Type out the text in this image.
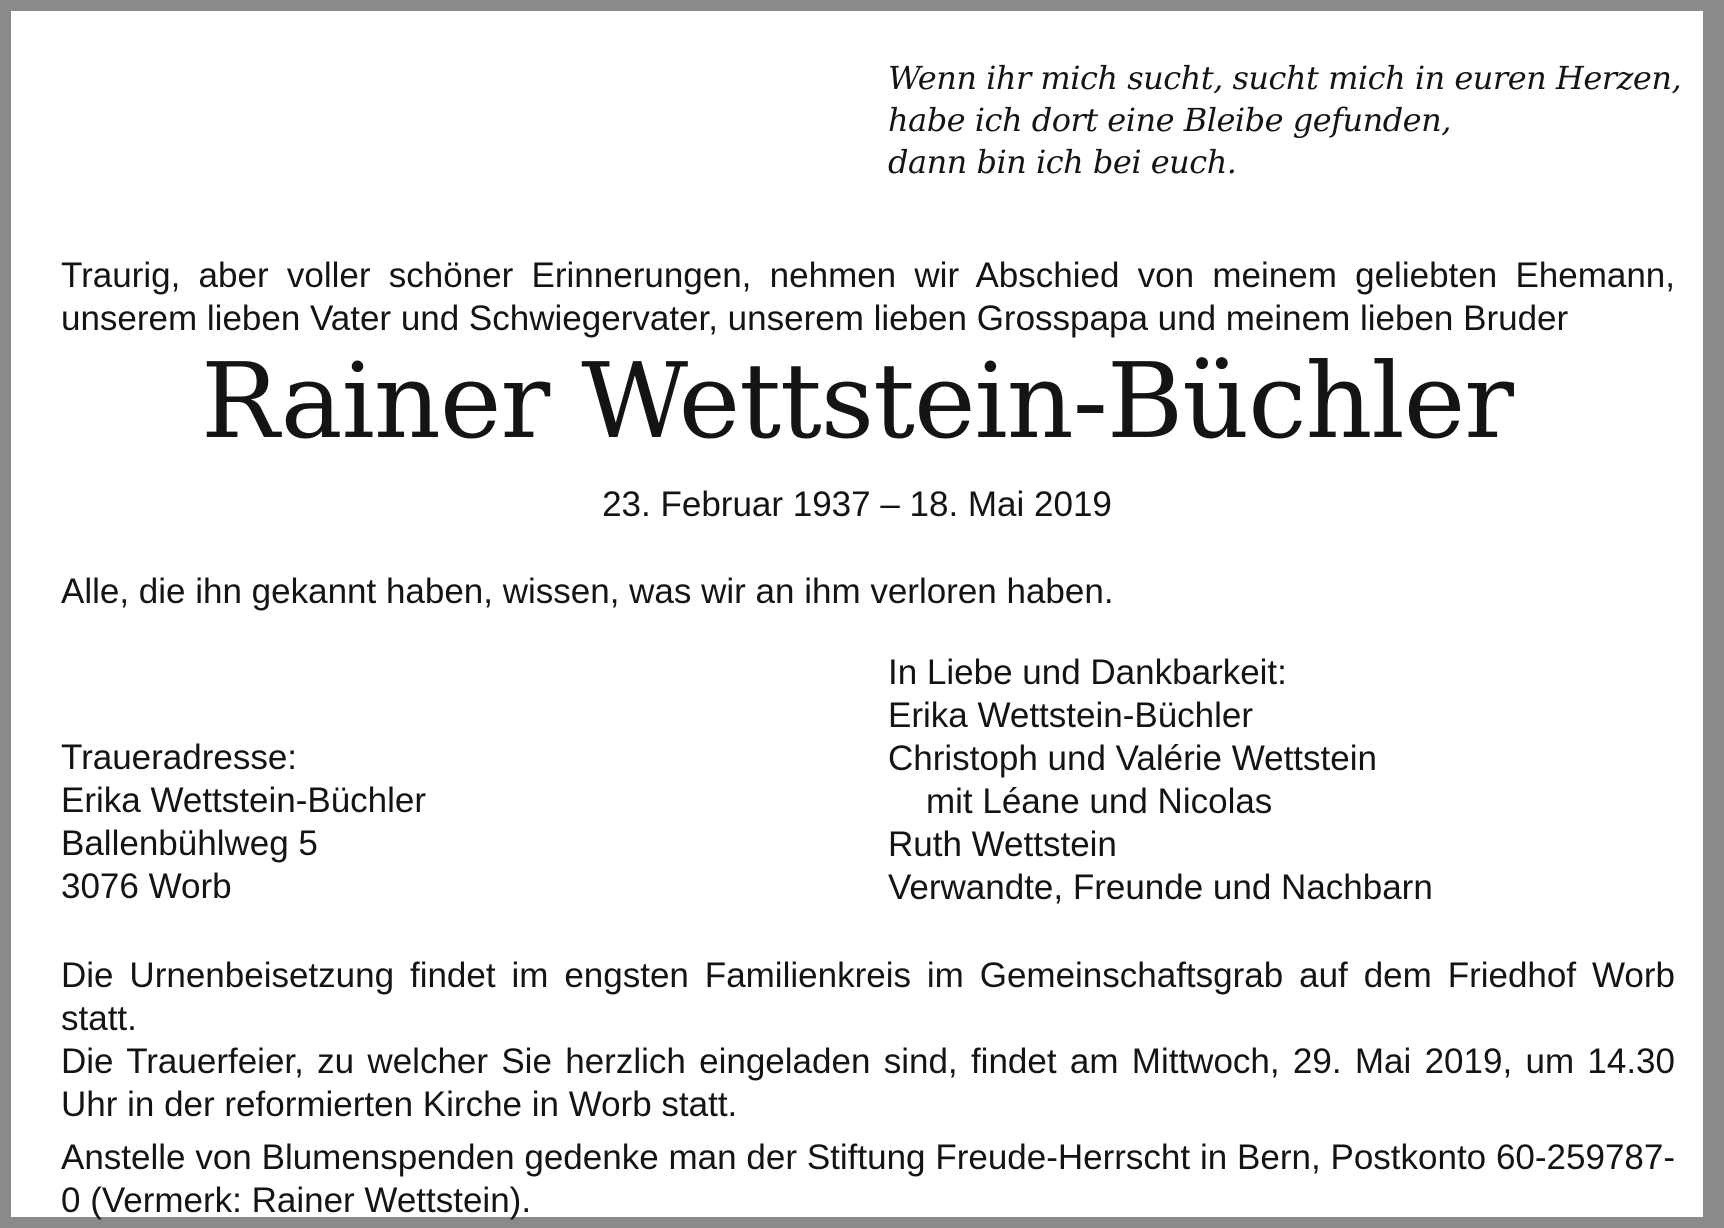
Wenn ihr mich sucht, sucht mich in euren Herzen,
habe ich dort eine Bleibe gefunden,
dann bin ich bei euch.

Traurig, aber voller schöner Erinnerungen, nehmen wir Abschied von meinem geliebten Ehemann, unserem lieben Vater und Schwiegervater, unserem lieben Grosspapa und meinem lieben Bruder

Rainer Wettstein-Büchler
23. Februar 1937 – 18. Mai 2019

Alle, die ihn gekannt haben, wissen, was wir an ihm verloren haben.

Traueradresse:
Erika Wettstein-Büchler
Ballenbühlweg 5
3076 Worb
In Liebe und Dankbarkeit:
Erika Wettstein-Büchler
Christoph und Valérie Wettstein
mit Léane und Nicolas
Ruth Wettstein
Verwandte, Freunde und Nachbarn
Die Urnenbeisetzung findet im engsten Familienkreis im Gemeinschaftsgrab auf dem Friedhof Worb statt.
Die Trauerfeier, zu welcher Sie herzlich eingeladen sind, findet am Mittwoch, 29. Mai 2019, um 14.30 Uhr in der reformierten Kirche in Worb statt.

Anstelle von Blumenspenden gedenke man der Stiftung Freude-Herrscht in Bern, Postkonto 60-259787-0 (Vermerk: Rainer Wettstein).
